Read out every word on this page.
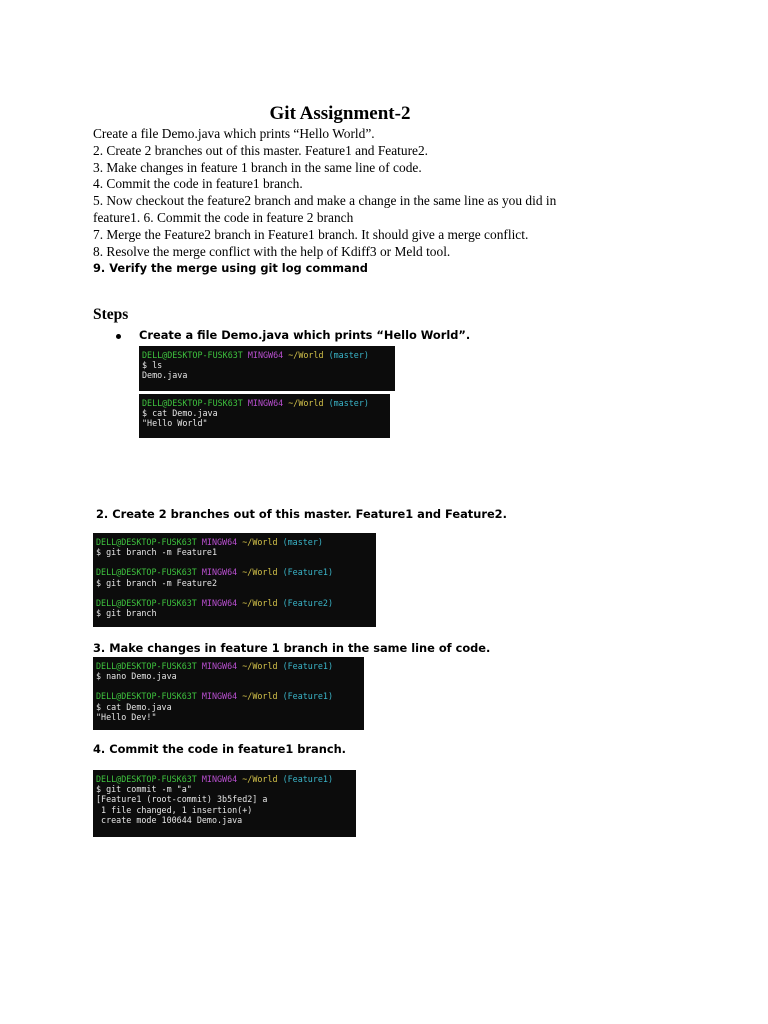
Git Assignment-2
Create a file Demo.java which prints “Hello World”.
2. Create 2 branches out of this master. Feature1 and Feature2.
3. Make changes in feature 1 branch in the same line of code.
4. Commit the code in feature1 branch.
5. Now checkout the feature2 branch and make a change in the same line as you did in
feature1. 6. Commit the code in feature 2 branch
7. Merge the Feature2 branch in Feature1 branch. It should give a merge conflict.
8. Resolve the merge conflict with the help of Kdiff3 or Meld tool.
9. Verify the merge using git log command
Steps
Create a file Demo.java which prints “Hello World”.
DELL@DESKTOP-FUSK63T MINGW64 ~/World (master)
$ ls
Demo.java
DELL@DESKTOP-FUSK63T MINGW64 ~/World (master)
$ cat Demo.java
"Hello World"
2. Create 2 branches out of this master. Feature1 and Feature2.
DELL@DESKTOP-FUSK63T MINGW64 ~/World (master)
$ git branch -m Feature1
DELL@DESKTOP-FUSK63T MINGW64 ~/World (Feature1)
$ git branch -m Feature2
DELL@DESKTOP-FUSK63T MINGW64 ~/World (Feature2)
$ git branch
3. Make changes in feature 1 branch in the same line of code.
DELL@DESKTOP-FUSK63T MINGW64 ~/World (Feature1)
$ nano Demo.java
DELL@DESKTOP-FUSK63T MINGW64 ~/World (Feature1)
$ cat Demo.java
"Hello Dev!"
4. Commit the code in feature1 branch.
DELL@DESKTOP-FUSK63T MINGW64 ~/World (Feature1)
$ git commit -m "a"
[Feature1 (root-commit) 3b5fed2] a
1 file changed, 1 insertion(+)
create mode 100644 Demo.java
